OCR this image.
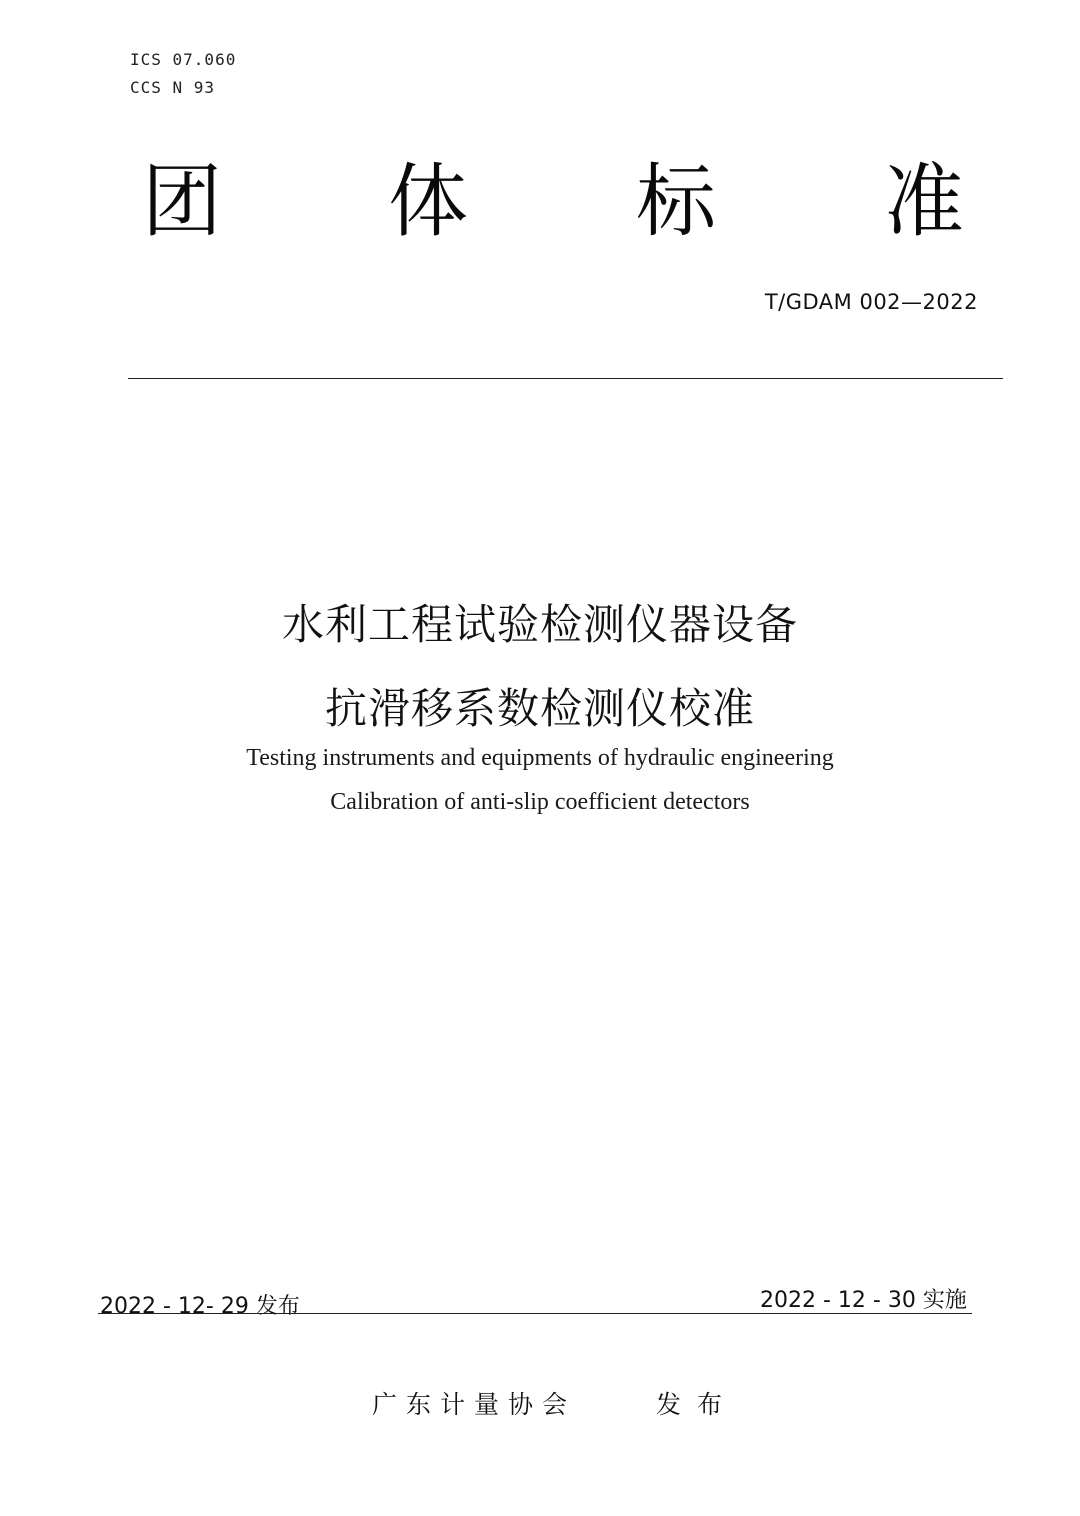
ICS 07.060
CCS N 93
团 体 标 准
T/GDAM 002—2022
水利工程试验检测仪器设备
抗滑移系数检测仪校准
Testing instruments and equipments of hydraulic engineering
Calibration of anti-slip coefficient detectors
2022 - 12- 29 发布	2022 - 12 - 30 实施
广东计量协会	发布
